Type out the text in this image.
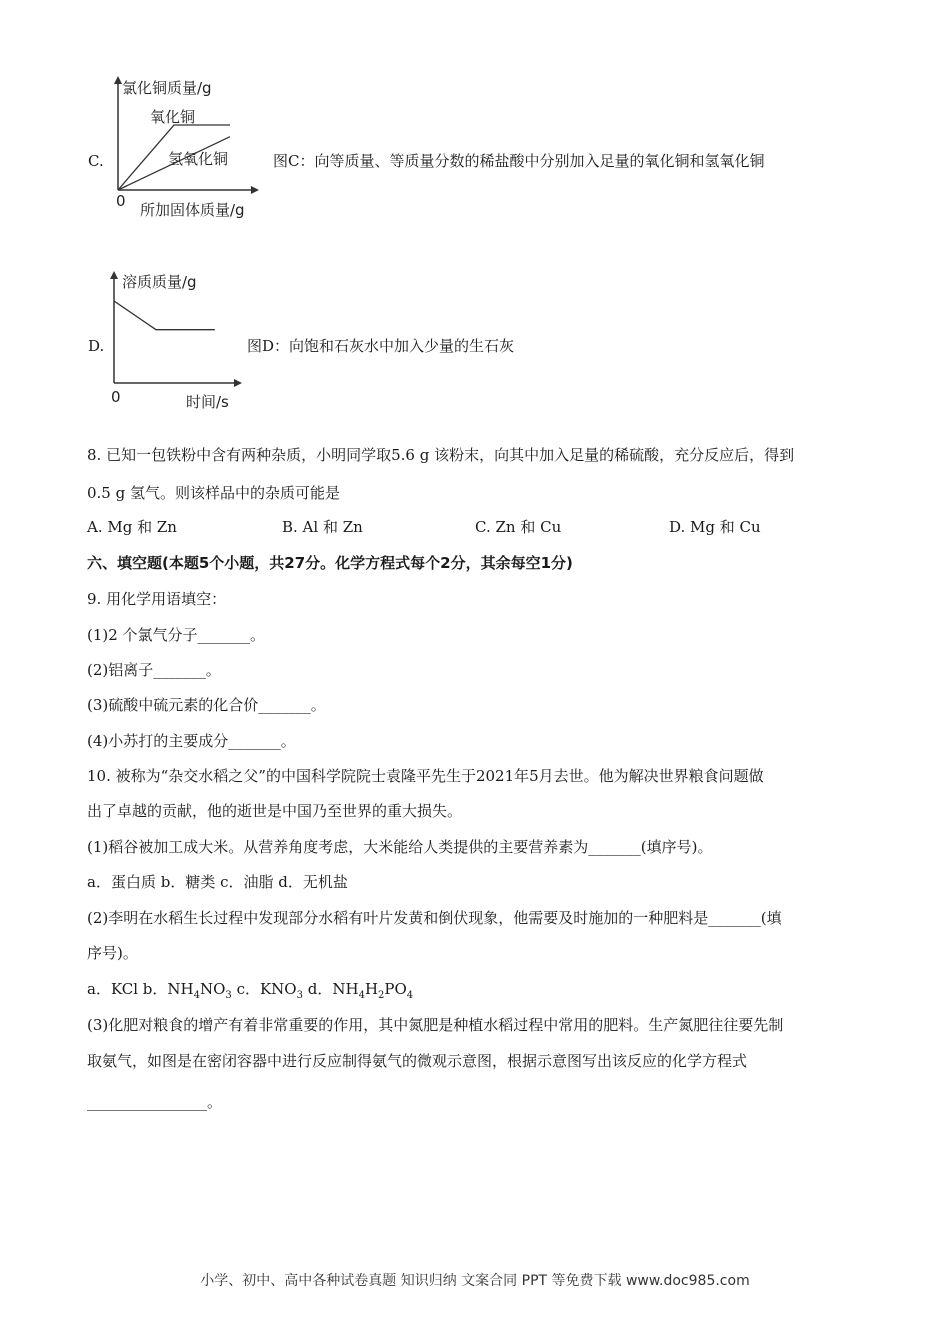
C.
氯化铜质量/g
氧化铜
氢氧化铜
0 所加固体质量/g
图C：向等质量、等质量分数的稀盐酸中分别加入足量的氧化铜和氢氧化铜
D.
溶质质量/g
0	时间/s
图D：向饱和石灰水中加入少量的生石灰
8. 已知一包铁粉中含有两种杂质，小明同学取5.6 g 该粉末，向其中加入足量的稀硫酸，充分反应后，得到
0.5 g 氢气。则该样品中的杂质可能是
A. Mg 和 Zn	B. Al 和 Zn	C. Zn 和 Cu	D. Mg 和 Cu
六、填空题(本题5个小题，共27分。化学方程式每个2分，其余每空1分)
9. 用化学用语填空：
(1)2 个氯气分子_______。
(2)铝离子_______。
(3)硫酸中硫元素的化合价_______。
(4)小苏打的主要成分_______。
10. 被称为“杂交水稻之父”的中国科学院院士袁隆平先生于2021年5月去世。他为解决世界粮食问题做
出了卓越的贡献，他的逝世是中国乃至世界的重大损失。
(1)稻谷被加工成大米。从营养角度考虑，大米能给人类提供的主要营养素为_______(填序号)。
a．蛋白质 b．糖类 c．油脂 d．无机盐
(2)李明在水稻生长过程中发现部分水稻有叶片发黄和倒伏现象，他需要及时施加的一种肥料是_______(填
序号)。
a．KCl b．$NH_4NO_3$ c．$KNO_3$ d．$NH_4H_2PO_4$
(3)化肥对粮食的增产有着非常重要的作用，其中氮肥是种植水稻过程中常用的肥料。生产氮肥往往要先制
取氨气，如图是在密闭容器中进行反应制得氨气的微观示意图，根据示意图写出该反应的化学方程式
________________。
小学、初中、高中各种试卷真题 知识归纳 文案合同 PPT 等免费下载 www.doc985.com
